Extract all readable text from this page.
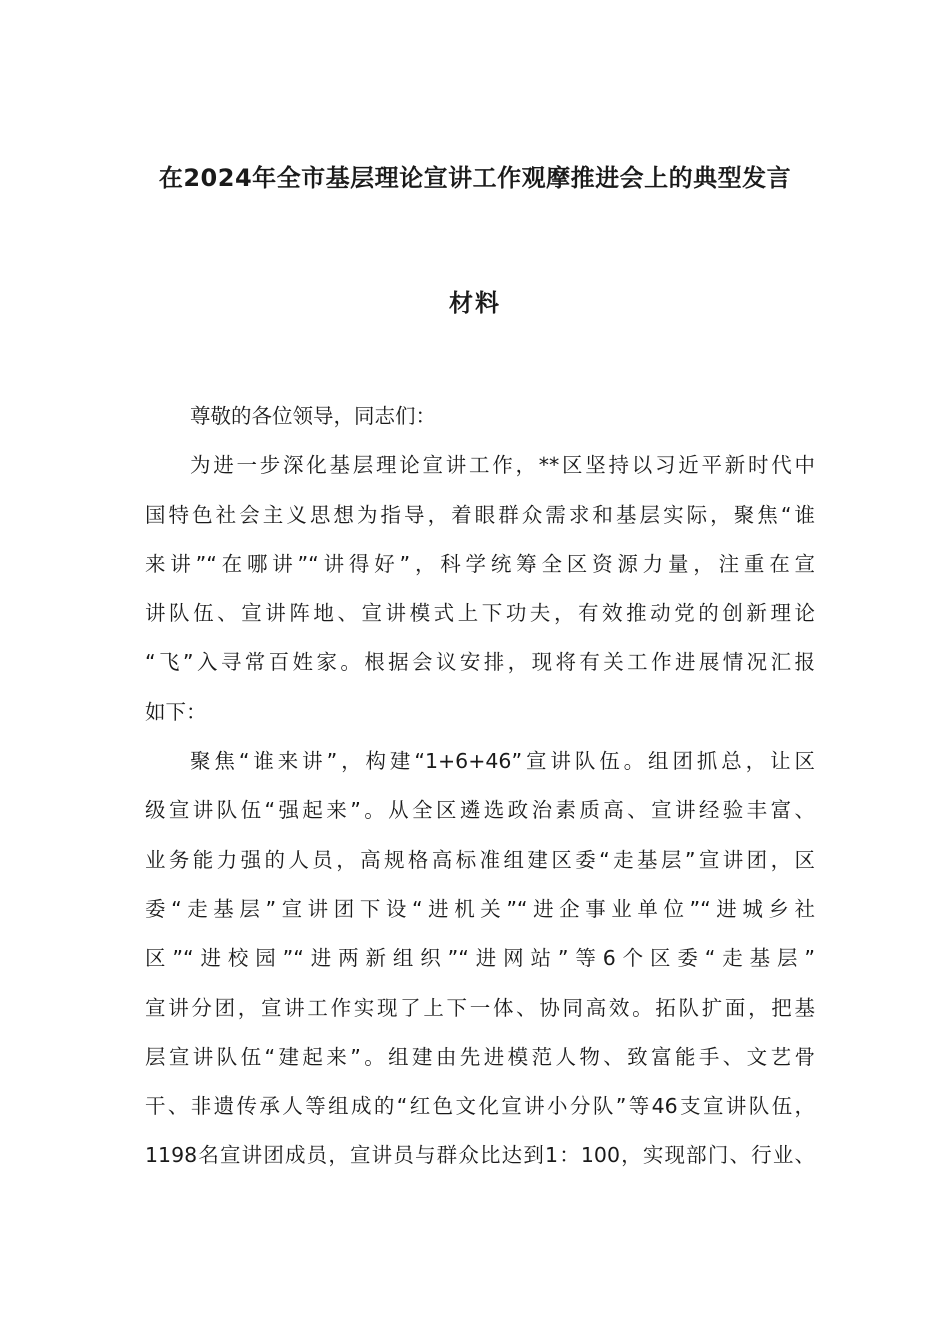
在2024年全市基层理论宣讲工作观摩推进会上的典型发言
材料
尊敬的各位领导，同志们：
为进一步深化基层理论宣讲工作，**区坚持以习近平新时代中
国特色社会主义思想为指导，着眼群众需求和基层实际，聚焦“谁
来讲”“在哪讲”“讲得好”，科学统筹全区资源力量，注重在宣
讲队伍、宣讲阵地、宣讲模式上下功夫，有效推动党的创新理论
“飞”入寻常百姓家。根据会议安排，现将有关工作进展情况汇报
如下：
聚焦“谁来讲”，构建“1+6+46”宣讲队伍。组团抓总，让区
级宣讲队伍“强起来”。从全区遴选政治素质高、宣讲经验丰富、
业务能力强的人员，高规格高标准组建区委“走基层”宣讲团，区
委“走基层”宣讲团下设“进机关”“进企事业单位”“进城乡社
区”“进校园”“进两新组织”“进网站”等6个区委“走基层”
宣讲分团，宣讲工作实现了上下一体、协同高效。拓队扩面，把基
层宣讲队伍“建起来”。组建由先进模范人物、致富能手、文艺骨
干、非遗传承人等组成的“红色文化宣讲小分队”等46支宣讲队伍，
1198名宣讲团成员，宣讲员与群众比达到1：100，实现部门、行业、
